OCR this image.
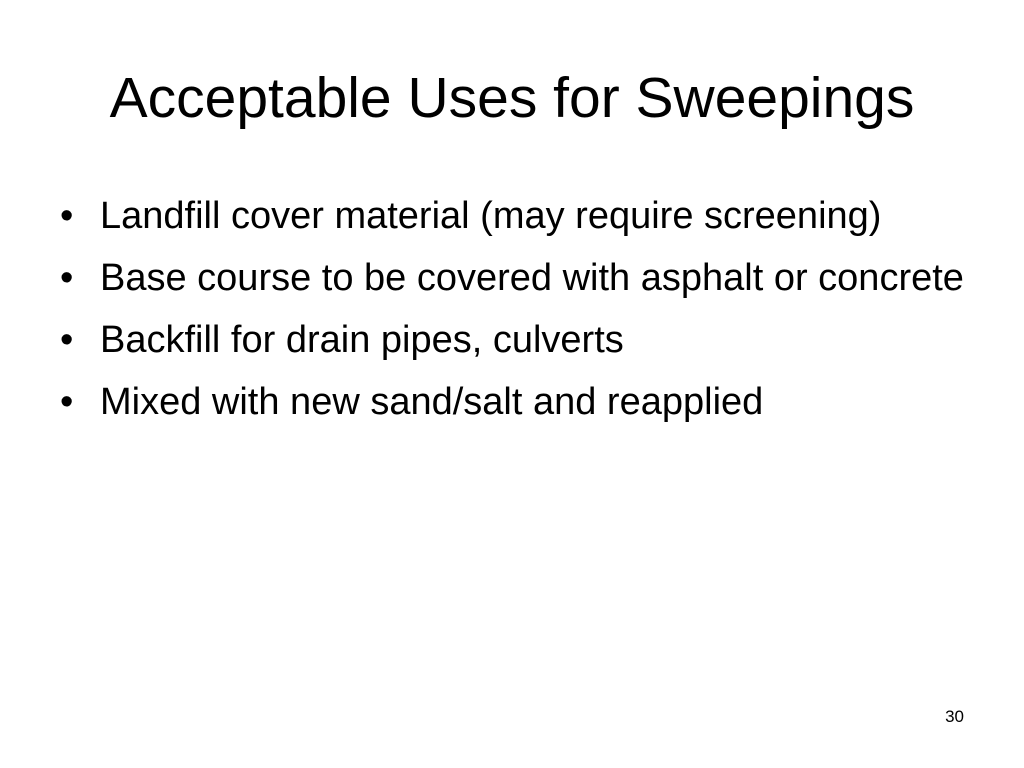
Acceptable Uses for Sweepings
• Landfill cover material (may require screening)
• Base course to be covered with asphalt or concrete
• Backfill for drain pipes, culverts
• Mixed with new sand/salt and reapplied
30
